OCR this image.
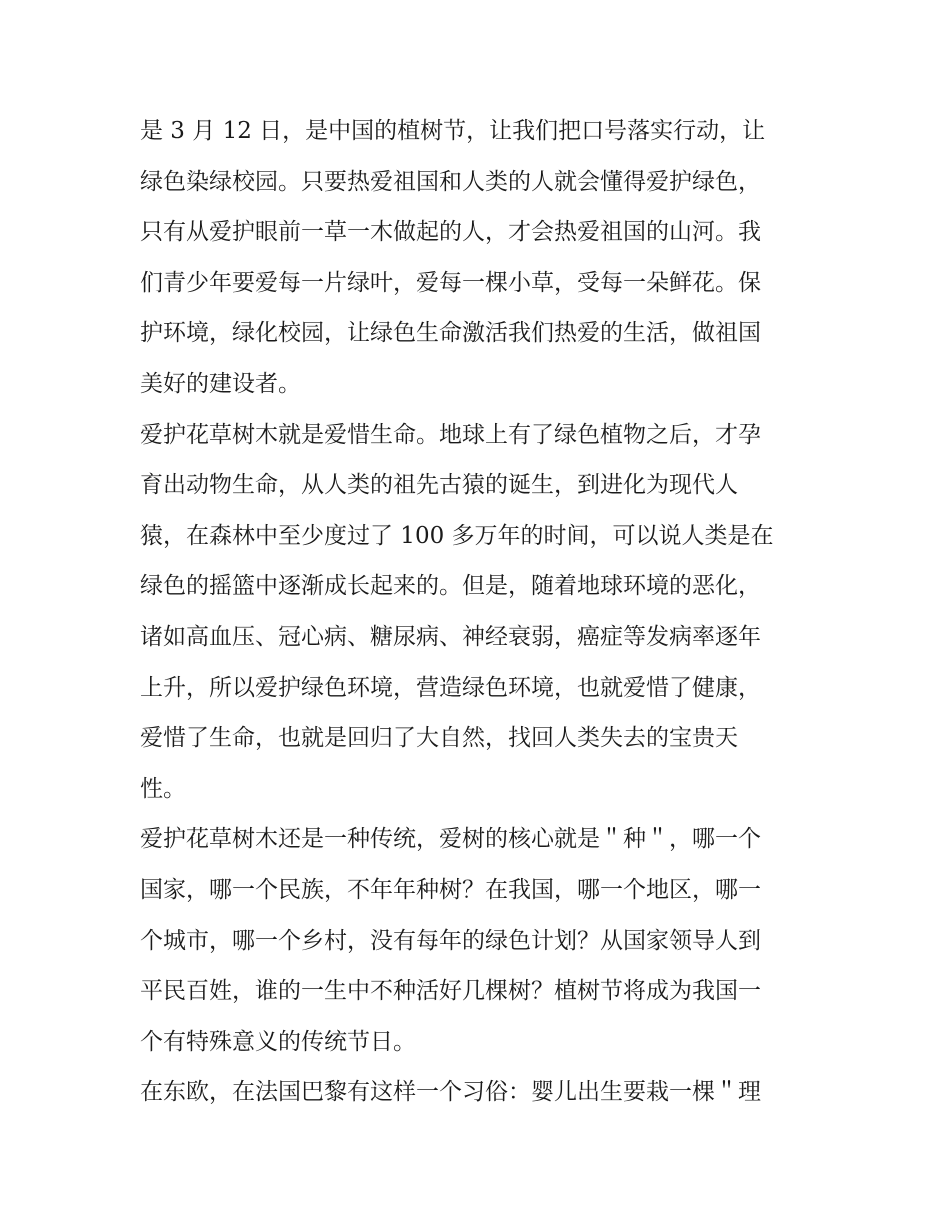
是 3 月 12 日，是中国的植树节，让我们把口号落实行动，让
绿色染绿校园。只要热爱祖国和人类的人就会懂得爱护绿色，
只有从爱护眼前一草一木做起的人，才会热爱祖国的山河。我
们青少年要爱每一片绿叶，爱每一棵小草，受每一朵鲜花。保
护环境，绿化校园，让绿色生命激活我们热爱的生活，做祖国
美好的建设者。
爱护花草树木就是爱惜生命。地球上有了绿色植物之后，才孕
育出动物生命，从人类的祖先古猿的诞生，到进化为现代人
猿，在森林中至少度过了 100 多万年的时间，可以说人类是在
绿色的摇篮中逐渐成长起来的。但是，随着地球环境的恶化，
诸如高血压、冠心病、糖尿病、神经衰弱，癌症等发病率逐年
上升，所以爱护绿色环境，营造绿色环境，也就爱惜了健康，
爱惜了生命，也就是回归了大自然，找回人类失去的宝贵天
性。
爱护花草树木还是一种传统，爱树的核心就是＂种＂，哪一个
国家，哪一个民族，不年年种树？在我国，哪一个地区，哪一
个城市，哪一个乡村，没有每年的绿色计划？从国家领导人到
平民百姓，谁的一生中不种活好几棵树？植树节将成为我国一
个有特殊意义的传统节日。
在东欧，在法国巴黎有这样一个习俗：婴儿出生要栽一棵＂理
